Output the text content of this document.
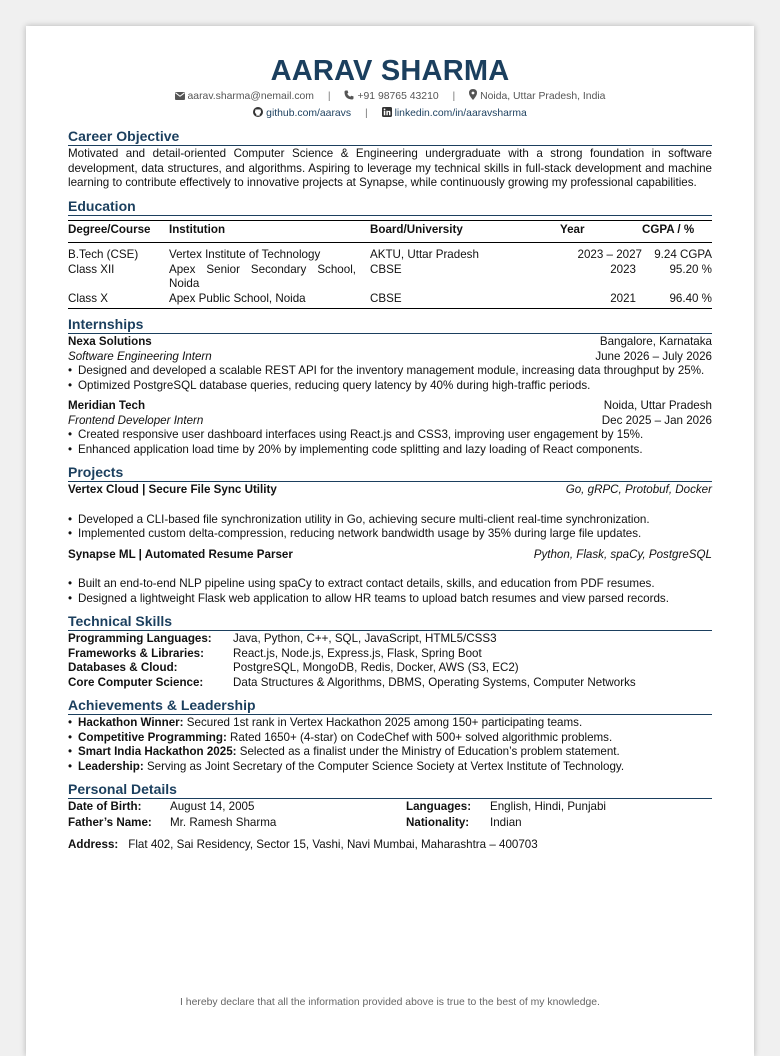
AARAV SHARMA
aarav.sharma@nemail.com |	+91 98765 43210 | Noida, Uttar Pradesh, India
github.com/aaravs |	linkedin.com/in/aaravsharma
Career Objective
Motivated and detail-oriented Computer Science & Engineering undergraduate with a strong foundation in software development, data structures, and algorithms. Aspiring to leverage my technical skills in full-stack development and machine learning to contribute effectively to innovative projects at Synapse, while continuously growing my professional capabilities.
Education
Degree/Course	Institution	Board/University	Year	CGPA / %
B.Tech (CSE)	Vertex Institute of Technology	AKTU, Uttar Pradesh	2023 – 2027	9.24 CGPA
Class XII	Apex Senior Secondary School, Noida	CBSE	2023	95.20 %
Class X	Apex Public School, Noida	CBSE	2021	96.40 %
Internships
Nexa Solutions	Bangalore, Karnataka
Software Engineering Intern	June 2026 – July 2026
• Designed and developed a scalable REST API for the inventory management module, increasing data throughput by 25%.
• Optimized PostgreSQL database queries, reducing query latency by 40% during high-traffic periods.
Meridian Tech	Noida, Uttar Pradesh
Frontend Developer Intern	Dec 2025 – Jan 2026
• Created responsive user dashboard interfaces using React.js and CSS3, improving user engagement by 15%.
• Enhanced application load time by 20% by implementing code splitting and lazy loading of React components.
Projects
Vertex Cloud | Secure File Sync Utility	Go, gRPC, Protobuf, Docker
• Developed a CLI-based file synchronization utility in Go, achieving secure multi-client real-time synchronization.
• Implemented custom delta-compression, reducing network bandwidth usage by 35% during large file updates.
Synapse ML | Automated Resume Parser	Python, Flask, spaCy, PostgreSQL
• Built an end-to-end NLP pipeline using spaCy to extract contact details, skills, and education from PDF resumes.
• Designed a lightweight Flask web application to allow HR teams to upload batch resumes and view parsed records.
Technical Skills
Programming Languages:	Java, Python, C++, SQL, JavaScript, HTML5/CSS3
Frameworks & Libraries:	React.js, Node.js, Express.js, Flask, Spring Boot
Databases & Cloud:	PostgreSQL, MongoDB, Redis, Docker, AWS (S3, EC2)
Core Computer Science:	Data Structures & Algorithms, DBMS, Operating Systems, Computer Networks
Achievements & Leadership
• Hackathon Winner: Secured 1st rank in Vertex Hackathon 2025 among 150+ participating teams.
• Competitive Programming: Rated 1650+ (4-star) on CodeChef with 500+ solved algorithmic problems.
• Smart India Hackathon 2025: Selected as a finalist under the Ministry of Education’s problem statement.
• Leadership: Serving as Joint Secretary of the Computer Science Society at Vertex Institute of Technology.
Personal Details
Date of Birth:	August 14, 2005	Languages:	English, Hindi, Punjabi
Father’s Name:	Mr. Ramesh Sharma	Nationality:	Indian
Address: Flat 402, Sai Residency, Sector 15, Vashi, Navi Mumbai, Maharashtra – 400703
I hereby declare that all the information provided above is true to the best of my knowledge.
